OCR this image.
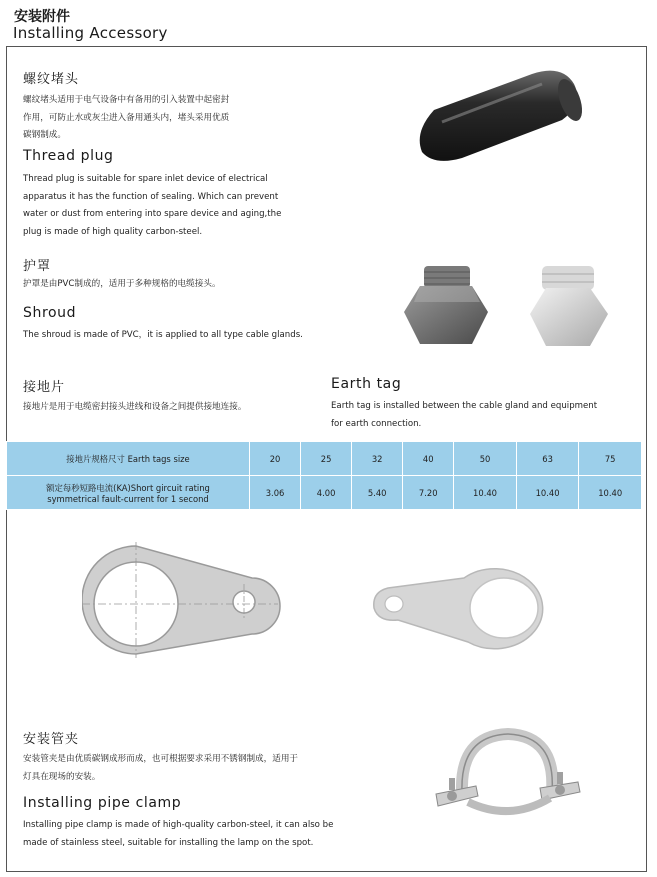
安装附件
Installing Accessory
螺纹堵头
螺纹堵头适用于电气设备中有备用的引入装置中起密封
作用，可防止水或灰尘进入备用通头内，堵头采用优质
碳钢制成。
Thread plug
Thread plug is suitable for spare inlet device of electrical
apparatus it has the function of sealing. Which can prevent
water or dust from entering into spare device and aging,the
plug is made of high quality carbon-steel.
护罩
护罩是由PVC制成的，适用于多种规格的电缆接头。
Shroud
The shroud is made of PVC，it is applied to all type cable glands.
接地片
接地片是用于电缆密封接头进线和设备之间提供接地连接。
Earth tag
Earth tag is installed between the cable gland and equipment
for earth connection.
接地片规格尺寸 Earth tags size	20	25	32	40	50	63	75

额定每秒短路电流(KA)Short gircuit rating
symmetrical fault-current for 1 second	3.06	4.00	5.40	7.20	10.40	10.40	10.40
安装管夹
安装管夹是由优质碳钢成形而成，也可根据要求采用不锈钢制成，适用于
灯具在现场的安装。
Installing pipe clamp
Installing pipe clamp is made of high-quality carbon-steel, it can also be
made of stainless steel, suitable for installing the lamp on the spot.
